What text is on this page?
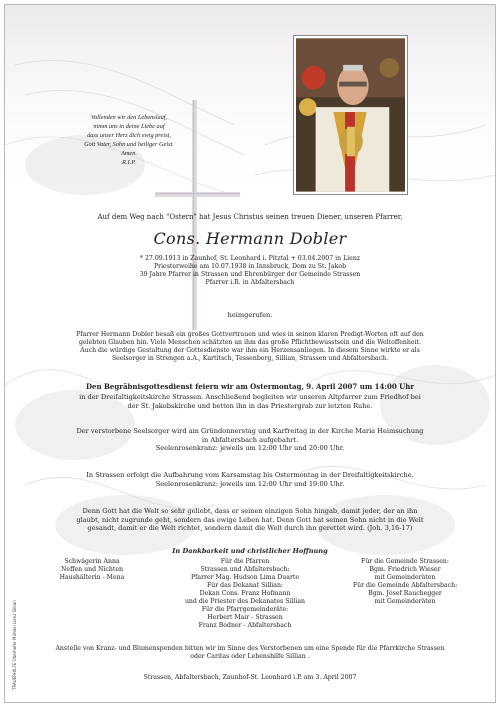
Vollenden wir den Lebenslauf,
nimm uns in deine Liebe auf
dass unser Herz dich ewig preist,
Gott Vater, Sohn und heiliger Geist.
Amen.
R.I.P.
Auf dem Weg nach "Ostern" hat Jesus Christus seinen treuen Diener, unseren Pfarrer,
Cons. Hermann Dobler
* 27.09.1913 in Zaunhof, St. Leonhard i. Pitztal + 03.04.2007 in Lienz
Priesterweihe am 10.07.1938 in Innsbruck, Dom zu St. Jakob
39 Jahre Pfarrer in Strassen und Ehrenbürger der Gemeinde Strassen
Pfarrer i.R. in Abfaltersbach
heimgerufen.
Pfarrer Hermann Dobler besaß ein großes Gottvertrauen und wies in seinen klaren Predigt-Worten oft auf den
gelebten Glauben hin. Viele Menschen schätzten an ihm das große Pflichtbewusstsein und die Weltoffenheit.
Auch die würdige Gestaltung der Gottesdienste war ihm ein Herzensanliegen. In diesem Sinne wirkte er als
Seelsorger in Strengen a.A., Kartitsch, Tessenberg, Sillian, Strassen und Abfaltersbach.
Den Begräbnisgottesdienst feiern wir am Ostermontag, 9. April 2007 um 14:00 Uhr
in der Dreifaltigkeitskirche Strassen. Anschließend begleiten wir unseren Altpfarrer zum Friedhof bei
der St. Jakobskirche und betten ihn in das Priestergrab zur letzten Ruhe.
Der verstorbene Seelsorger wird am Gründonnerstag und Karfreitag in der Kirche Maria Heimsuchung
in Abfaltersbach aufgebahrt.
Seelenrosenkranz: jeweils um 12:00 Uhr und 20:00 Uhr.
In Strassen erfolgt die Aufbahrung vom Karsamstag bis Ostermontag in der Dreifaltigkeitskirche.
Seelenrosenkranz: jeweils um 12:00 Uhr und 19:00 Uhr.
Denn Gott hat die Welt so sehr geliebt, dass er seinen einzigen Sohn hingab, damit jeder, der an ihn
glaubt, nicht zugrunde geht, sondern das ewige Leben hat. Denn Gott hat seinen Sohn nicht in die Welt
gesandt, damit er die Welt richtet, sondern damit die Welt durch ihn gerettet wird. (Joh. 3,16-17)
In Dankbarkeit und christlicher Hoffnung
Schwägerin Anna
Neffen und Nichten
Haushälterin - Mena
Für die Pfarren
Strassen und Abfaltersbach:
Pfarrer Mag. Hudson Lima Duarte
Für das Dekanat Sillian:
Dekan Cons. Franz Hofmann
und die Priester des Dekanates Sillian
Für die Pfarrgemeinderäte:
Herbert Mair - Strassen
Franz Bodner - Abfaltersbach
Für die Gemeinde Strassen:
Bgm. Friedrich Wieser
mit Gemeinderäten
Für die Gemeinde Abfaltersbach:
Bgm. Josef Rauchegger
mit Gemeinderäten
Anstelle von Kranz- und Blumenspenden bitten wir im Sinne des Verstorbenen um eine Spende für die Pfarrkirche Strassen
oder Caritas oder Lebenshilfe Sillian .
Strassen, Abfaltersbach, Zaunhof-St. Leonhard i.P. am 3. April 2007
TRAUERHILFE Oberhofer Mühlen Lienz Sillian
